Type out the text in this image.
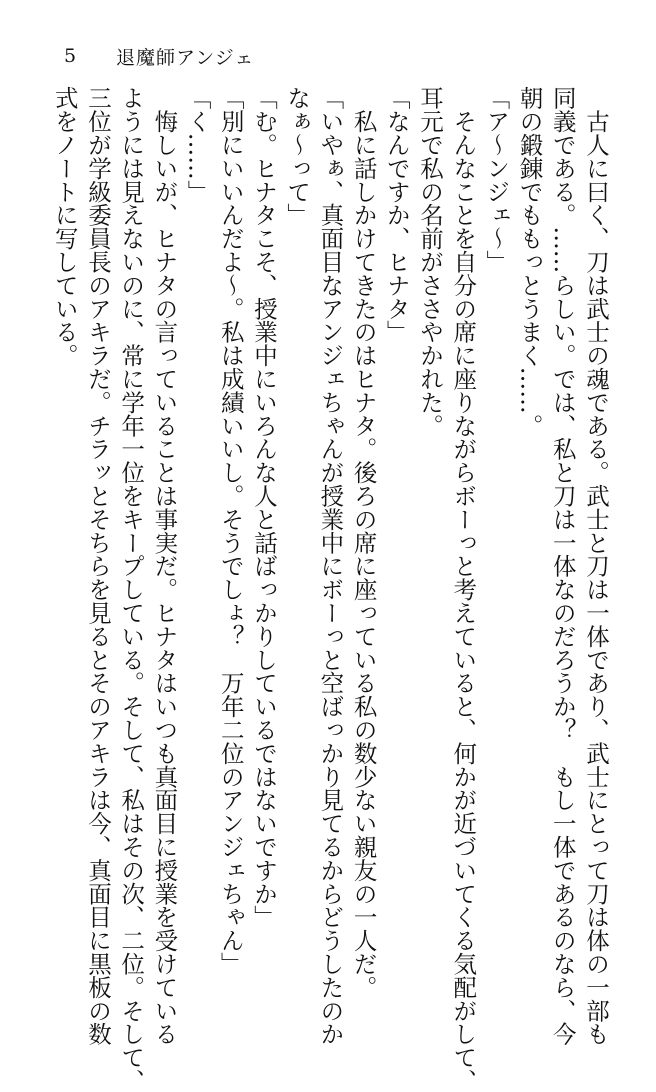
5	退魔師アンジェ
　古人に曰く、刀は武士の魂である。武士と刀は一体であり、武士にとって刀は体の一部も
同義である。……らしい。では、私と刀は一体なのだろうか？　もし一体であるのなら、今
朝の鍛錬でももっとうまく……。
「ア～ンジェ～」
　そんなことを自分の席に座りながらボーっと考えていると、何かが近づいてくる気配がして、
耳元で私の名前がささやかれた。
「なんですか、ヒナタ」
　私に話しかけてきたのはヒナタ。後ろの席に座っている私の数少ない親友の一人だ。
「いやぁ、真面目なアンジェちゃんが授業中にボーっと空ばっかり見てるからどうしたのか
なぁ～って」
「む。ヒナタこそ、授業中にいろんな人と話ばっかりしているではないですか」
「別にいいんだよ～。私は成績いいし。そうでしょ？　万年二位のアンジェちゃん」
「く……」
　悔しいが、ヒナタの言っていることは事実だ。ヒナタはいつも真面目に授業を受けている
ようには見えないのに、常に学年一位をキープしている。そして、私はその次、二位。そして、
三位が学級委員長のアキラだ。チラッとそちらを見るとそのアキラは今、真面目に黒板の数
式をノートに写している。
